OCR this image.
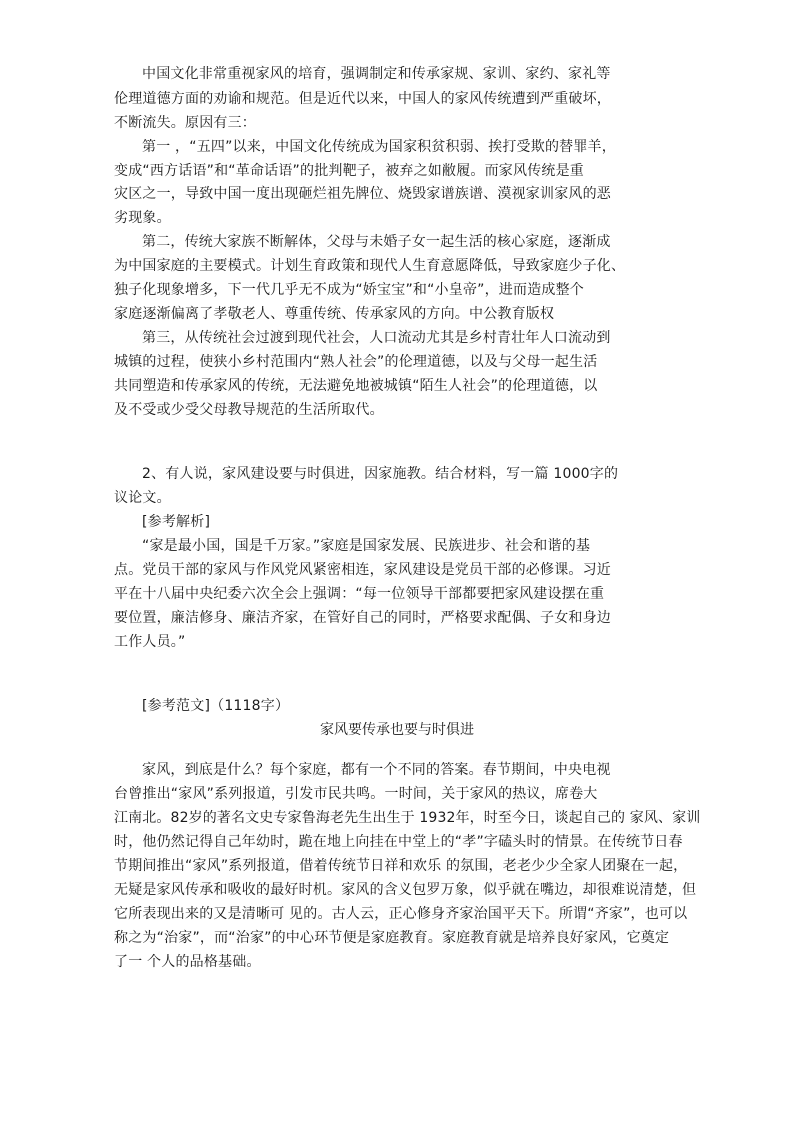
中国文化非常重视家风的培育，强调制定和传承家规、家训、家约、家礼等

伦理道德方面的劝谕和规范。但是近代以来，中国人的家风传统遭到严重破坏，

不断流失。原因有三：

第一 ，“五四”以来，中国文化传统成为国家积贫积弱、挨打受欺的替罪羊，

变成“西方话语”和“革命话语”的批判靶子，被弃之如敝履。而家风传统是重

灾区之一，导致中国一度出现砸烂祖先牌位、烧毁家谱族谱、漠视家训家风的恶

劣现象。

第二，传统大家族不断解体，父母与未婚子女一起生活的核心家庭，逐渐成

为中国家庭的主要模式。计划生育政策和现代人生育意愿降低，导致家庭少子化、

独子化现象增多，下一代几乎无不成为“娇宝宝”和“小皇帝”，进而造成整个

家庭逐渐偏离了孝敬老人、尊重传统、传承家风的方向。中公教育版权

第三，从传统社会过渡到现代社会，人口流动尤其是乡村青壮年人口流动到

城镇的过程，使狭小乡村范围内“熟人社会”的伦理道德，以及与父母一起生活

共同塑造和传承家风的传统，无法避免地被城镇“陌生人社会”的伦理道德，以

及不受或少受父母教导规范的生活所取代。

2、有人说，家风建设要与时俱进，因家施教。结合材料，写一篇 1000字的

议论文。

[参考解析]

“家是最小国，国是千万家。”家庭是国家发展、民族进步、社会和谐的基

点。党员干部的家风与作风党风紧密相连，家风建设是党员干部的必修课。习近

平在十八届中央纪委六次全会上强调：“每一位领导干部都要把家风建设摆在重

要位置，廉洁修身、廉洁齐家，在管好自己的同时，严格要求配偶、子女和身边

工作人员。”

[参考范文]（1118字）

家风要传承也要与时俱进

家风，到底是什么？每个家庭，都有一个不同的答案。春节期间，中央电视

台曾推出“家风”系列报道，引发市民共鸣。一时间，关于家风的热议，席卷大

江南北。82岁的著名文史专家鲁海老先生出生于 1932年，时至今日，谈起自己的 家风、家训

时，他仍然记得自己年幼时，跪在地上向挂在中堂上的“孝”字磕头时的情景。在传统节日春

节期间推出“家风”系列报道，借着传统节日祥和欢乐 的氛围，老老少少全家人团聚在一起，

无疑是家风传承和吸收的最好时机。家风的含义包罗万象，似乎就在嘴边，却很难说清楚，但

它所表现出来的又是清晰可 见的。古人云，正心修身齐家治国平天下。所谓“齐家”，也可以

称之为“治家”，而“治家”的中心环节便是家庭教育。家庭教育就是培养良好家风，它奠定

了一 个人的品格基础。
